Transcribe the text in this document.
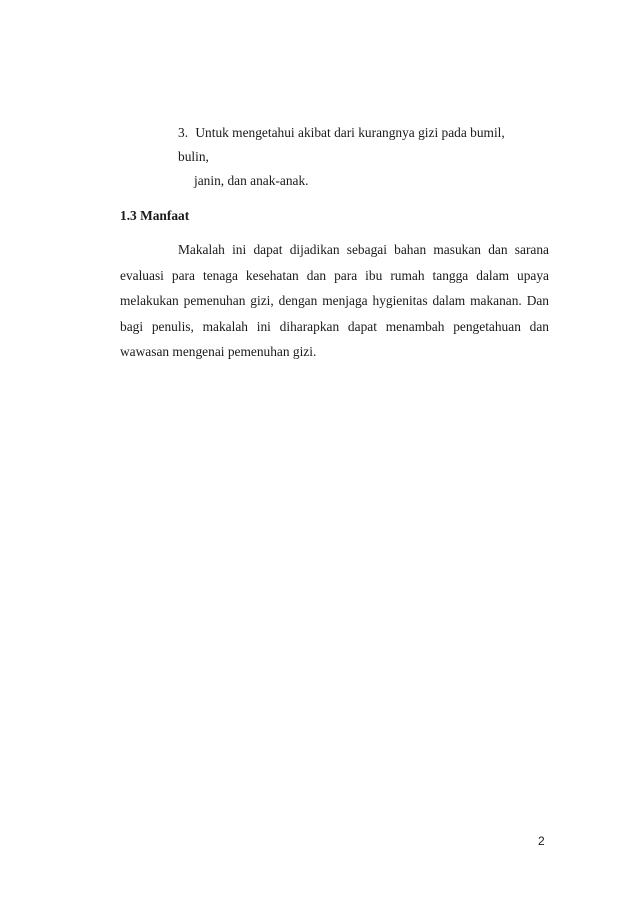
3. Untuk mengetahui akibat dari kurangnya gizi pada bumil, bulin,
janin, dan anak-anak.
1.3 Manfaat

Makalah ini dapat dijadikan sebagai bahan masukan dan sarana evaluasi para tenaga kesehatan dan para ibu rumah tangga dalam upaya melakukan pemenuhan gizi, dengan menjaga hygienitas dalam makanan. Dan bagi penulis, makalah ini diharapkan dapat menambah pengetahuan dan wawasan mengenai pemenuhan gizi.

2
